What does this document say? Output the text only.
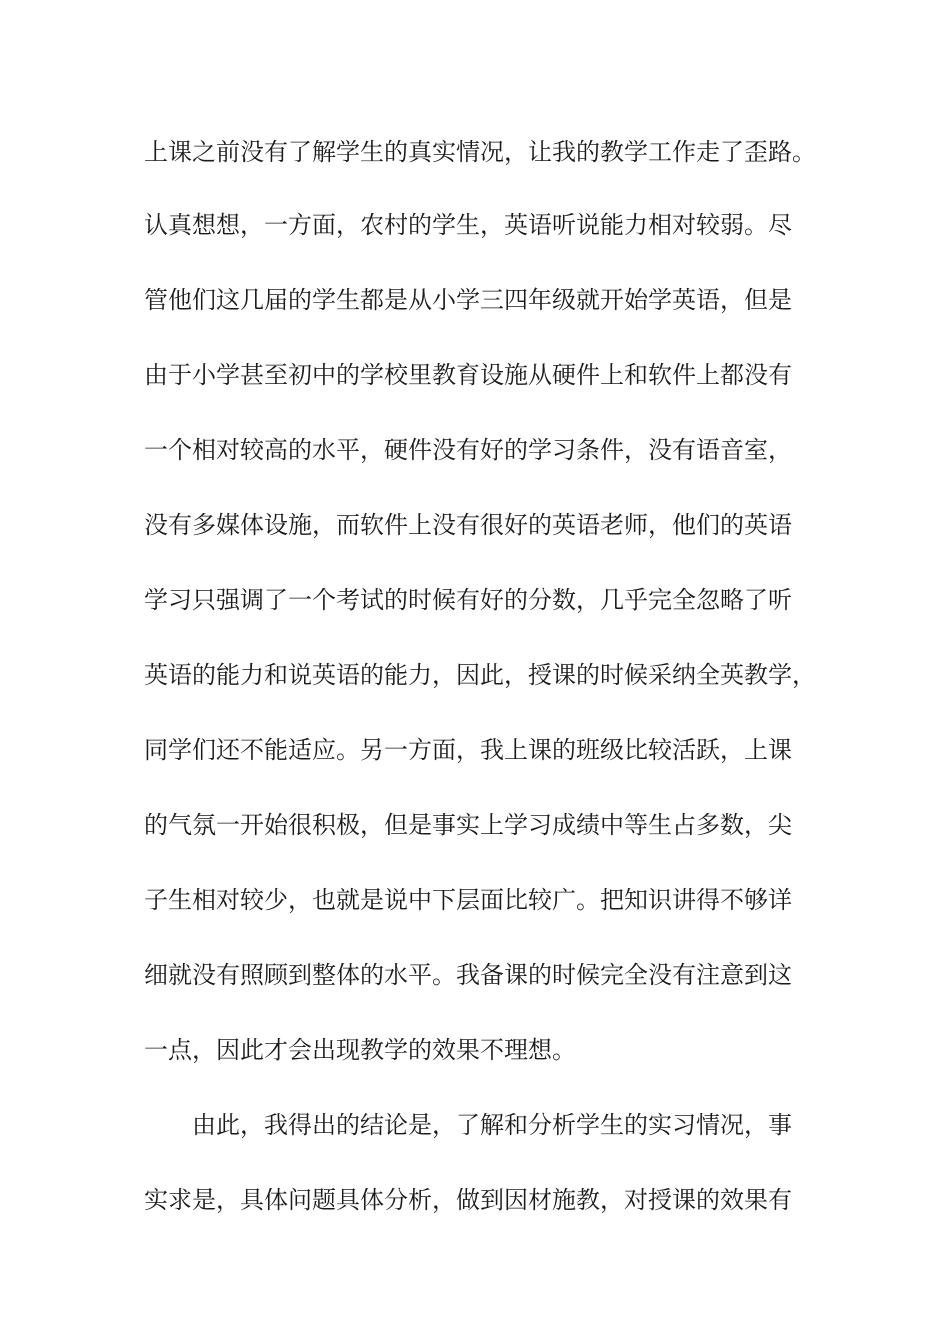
上课之前没有了解学生的真实情况，让我的教学工作走了歪路。
认真想想，一方面，农村的学生，英语听说能力相对较弱。尽
管他们这几届的学生都是从小学三四年级就开始学英语，但是
由于小学甚至初中的学校里教育设施从硬件上和软件上都没有
一个相对较高的水平，硬件没有好的学习条件，没有语音室，
没有多媒体设施，而软件上没有很好的英语老师，他们的英语
学习只强调了一个考试的时候有好的分数，几乎完全忽略了听
英语的能力和说英语的能力，因此，授课的时候采纳全英教学，
同学们还不能适应。另一方面，我上课的班级比较活跃，上课
的气氛一开始很积极，但是事实上学习成绩中等生占多数，尖
子生相对较少，也就是说中下层面比较广。把知识讲得不够详
细就没有照顾到整体的水平。我备课的时候完全没有注意到这
一点，因此才会出现教学的效果不理想。
由此，我得出的结论是，了解和分析学生的实习情况，事
实求是，具体问题具体分析，做到因材施教，对授课的效果有
